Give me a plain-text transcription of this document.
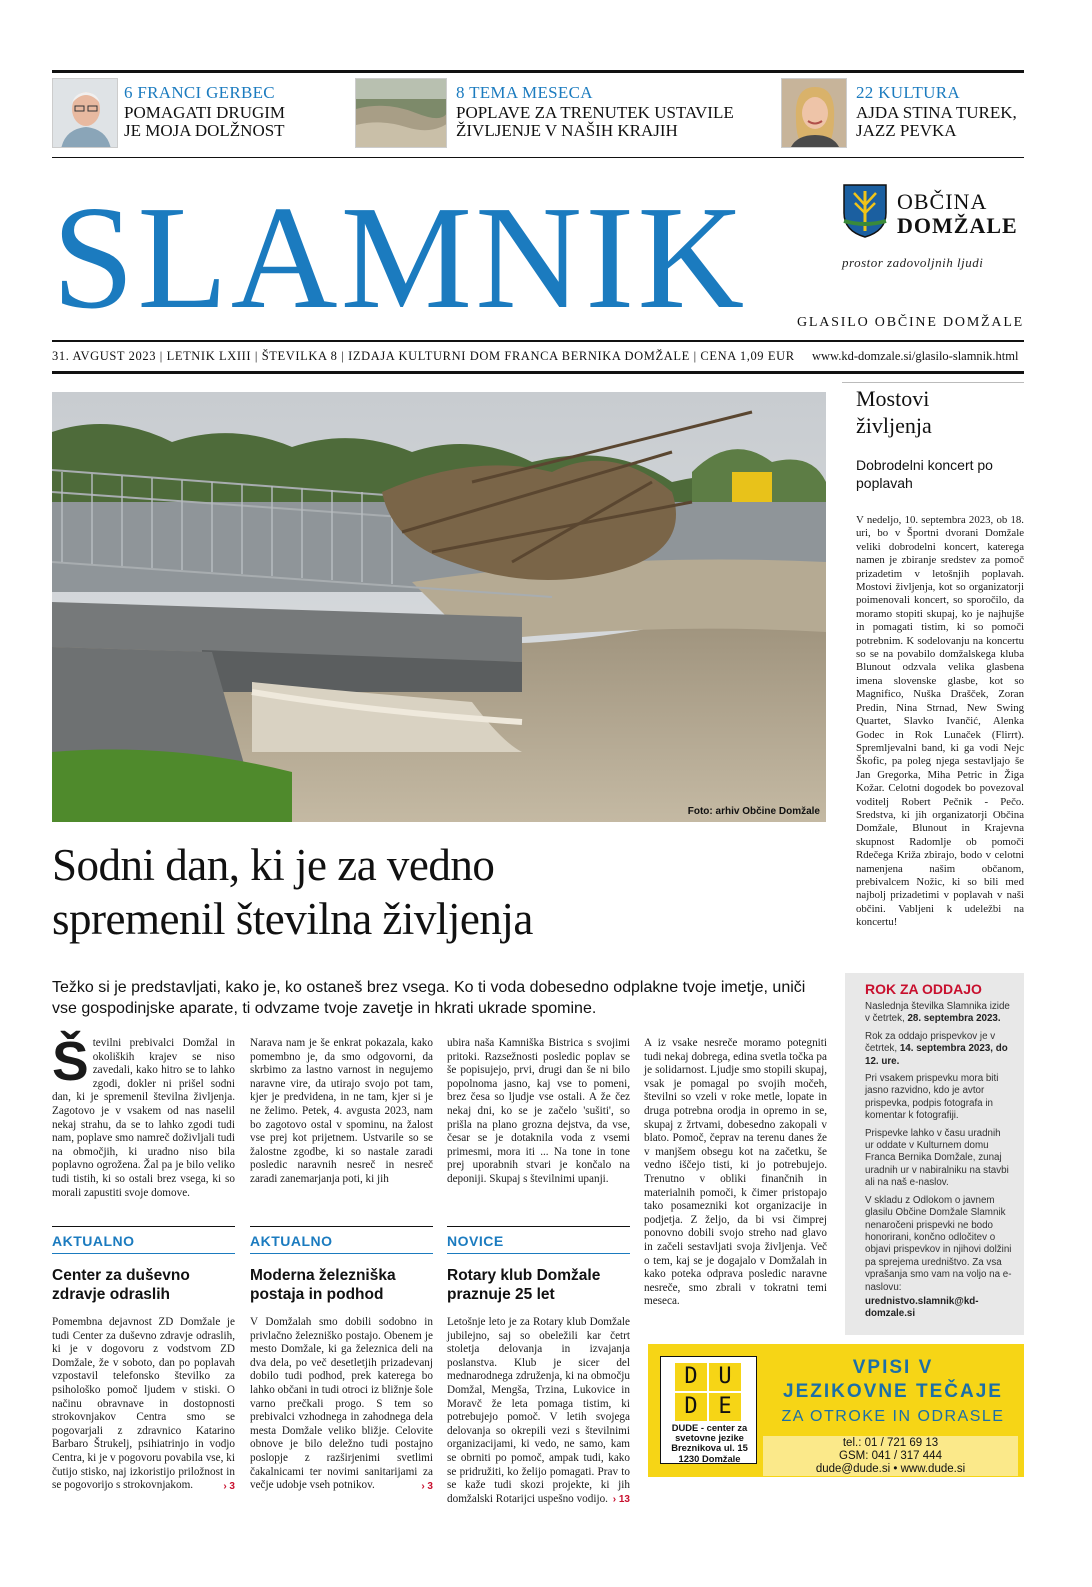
6 FRANCI GERBEC
POMAGATI DRUGIM
JE MOJA DOLŽNOST
8 TEMA MESECA
POPLAVE ZA TRENUTEK USTAVILE
ŽIVLJENJE V NAŠIH KRAJIH
22 KULTURA
AJDA STINA TUREK,
JAZZ PEVKA
SLAMNIK	OBČINA
DOMŽALE
prostor zadovoljnih ljudi
GLASILO OBČINE DOMŽALE
31. AVGUST 2023 | LETNIK LXIII | ŠTEVILKA 8 | IZDAJA KULTURNI DOM FRANCA BERNIKA DOMŽALE | CENA 1,09 EUR www.kd-domzale.si/glasilo-slamnik.html
Foto: arhiv Občine Domžale
Sodni dan, ki je za vedno
spremenil številna življenja
Težko si je predstavljati, kako je, ko ostaneš brez vsega. Ko ti voda dobesedno odplakne tvoje imetje, uniči vse gospodinjske aparate, ti odvzame tvoje zavetje in hkrati ukrade spomine.
Številni prebivalci Domžal in okoliških krajev se niso zavedali, kako hitro se to lahko zgodi, dokler ni prišel sodni dan, ki je spremenil številna življenja. Zagotovo je v vsakem od nas naselil nekaj strahu, da se to lahko zgodi tudi nam, poplave smo namreč doživljali tudi na območjih, ki uradno niso bila poplavno ogrožena. Žal pa je bilo veliko tudi tistih, ki so ostali brez vsega, ki so morali zapustiti svoje domove.
Narava nam je še enkrat pokazala, kako pomembno je, da smo odgovorni, da skrbimo za lastno varnost in negujemo naravne vire, da utirajo svojo pot tam, kjer je predvidena, in ne tam, kjer si je ne želimo. Petek, 4. avgusta 2023, nam bo zagotovo ostal v spominu, na žalost vse prej kot prijetnem. Ustvarile so se žalostne zgodbe, ki so nastale zaradi posledic naravnih nesreč in nesreč zaradi zanemarjanja poti, ki jih
ubira naša Kamniška Bistrica s svojimi pritoki. Razsežnosti posledic poplav se še popisujejo, prvi, drugi dan še ni bilo popolnoma jasno, kaj vse to pomeni, brez česa so ljudje vse ostali. A že čez nekaj dni, ko se je začelo 'sušiti', so prišla na plano grozna dejstva, da vse, česar se je dotaknila voda z vsemi primesmi, mora iti ... Na tone in tone prej uporabnih stvari je končalo na deponiji. Skupaj s številnimi upanji.
A iz vsake nesreče moramo potegniti tudi nekaj dobrega, edina svetla točka pa je solidarnost. Ljudje smo stopili skupaj, vsak je pomagal po svojih močeh, številni so vzeli v roke metle, lopate in druga potrebna orodja in opremo in se, skupaj z žrtvami, dobesedno zakopali v blato. Pomoč, čeprav na terenu danes že v manjšem obsegu kot na začetku, še vedno iščejo tisti, ki jo potrebujejo. Trenutno v obliki finančnih in materialnih pomoči, k čimer pristopajo tako posamezniki kot organizacije in podjetja. Z željo, da bi vsi čimprej ponovno dobili svojo streho nad glavo in začeli sestavljati svoja življenja. Več o tem, kaj se je dogajalo v Domžalah in kako poteka odprava posledic naravne nesreče, smo zbrali v tokratni temi meseca.
AKTUALNO
Center za duševno
zdravje odraslih
Pomembna dejavnost ZD Domžale je tudi Center za duševno zdravje odraslih, ki je v dogovoru z vodstvom ZD Domžale, že v soboto, dan po poplavah vzpostavil telefonsko številko za psihološko pomoč ljudem v stiski. O načinu obravnave in dostopnosti strokovnjakov Centra smo se pogovarjali z zdravnico Katarino Barbaro Štrukelj, psihiatrinjo in vodjo Centra, ki je v pogovoru povabila vse, ki čutijo stisko, naj izkoristijo priložnost in se pogovorijo s strokovnjakom.	› 3
AKTUALNO
Moderna železniška
postaja in podhod
V Domžalah smo dobili sodobno in privlačno železniško postajo. Obenem je mesto Domžale, ki ga železnica deli na dva dela, po več desetletjih prizadevanj dobilo tudi podhod, prek katerega bo lahko občani in tudi otroci iz bližnje šole varno prečkali progo. S tem so prebivalci vzhodnega in zahodnega dela mesta Domžale veliko bližje. Celovite obnove je bilo deležno tudi postajno poslopje z razširjenimi svetlimi čakalnicami ter novimi sanitarijami za večje udobje vseh potnikov.	› 3
NOVICE
Rotary klub Domžale
praznuje 25 let
Letošnje leto je za Rotary klub Domžale jubilejno, saj so obeležili kar četrt stoletja delovanja in izvajanja poslanstva. Klub je sicer del mednarodnega združenja, ki na območju Domžal, Mengša, Trzina, Lukovice in Moravč že leta pomaga tistim, ki potrebujejo pomoč. V letih svojega delovanja so okrepili vezi s številnimi organizacijami, ki vedo, ne samo, kam se obrniti po pomoč, ampak tudi, kako se pridružiti, ko želijo pomagati. Prav to se kaže tudi skozi projekte, ki jih domžalski Rotarijci uspešno vodijo. › 13
Mostovi
življenja
Dobrodelni koncert po poplavah
V nedeljo, 10. septembra 2023, ob 18. uri, bo v Športni dvorani Domžale veliki dobrodelni koncert, katerega namen je zbiranje sredstev za pomoč prizadetim v letošnjih poplavah. Mostovi življenja, kot so organizatorji poimenovali koncert, so sporočilo, da moramo stopiti skupaj, ko je najhujše in pomagati tistim, ki so pomoči potrebnim. K sodelovanju na koncertu so se na povabilo domžalskega kluba Blunout odzvala velika glasbena imena slovenske glasbe, kot so Magnifico, Nuška Drašček, Zoran Predin, Nina Strnad, New Swing Quartet, Slavko Ivančić, Alenka Godec in Rok Lunaček (Flirrt). Spremljevalni band, ki ga vodi Nejc Škofic, pa poleg njega sestavljajo še Jan Gregorka, Miha Petric in Žiga Kožar. Celotni dogodek bo povezoval voditelj Robert Pečnik - Pečo. Sredstva, ki jih organizatorji Občina Domžale, Blunout in Krajevna skupnost Radomlje ob pomoči Rdečega Križa zbirajo, bodo v celotni namenjena našim občanom, prebivalcem Nožic, ki so bili med najbolj prizadetimi v poplavah v naši občini. Vabljeni k udeležbi na koncertu!
ROK ZA ODDAJO
Naslednja številka Slamnika izide v četrtek, 28. septembra 2023.
Rok za oddajo prispevkov je v četrtek, 14. septembra 2023, do 12. ure.
Pri vsakem prispevku mora biti jasno razvidno, kdo je avtor prispevka, podpis fotografa in komentar k fotografiji.
Prispevke lahko v času uradnih ur oddate v Kulturnem domu Franca Bernika Domžale, zunaj uradnih ur v nabiralniku na stavbi ali na naš e-naslov.
V skladu z Odlokom o javnem glasilu Občine Domžale Slamnik nenaročeni prispevki ne bodo honorirani, končno odločitev o objavi prispevkov in njihovi dolžini pa sprejema uredništvo. Za vsa vprašanja smo vam na voljo na e-naslovu:
urednistvo.slamnik@kd-domzale.si
D U
D E
DUDE - center za
svetovne jezike
Breznikova ul. 15
1230 Domžale
VPISI V
JEZIKOVNE TEČAJE
ZA OTROKE IN ODRASLE
tel.: 01 / 721 69 13
GSM: 041 / 317 444
dude@dude.si • www.dude.si
